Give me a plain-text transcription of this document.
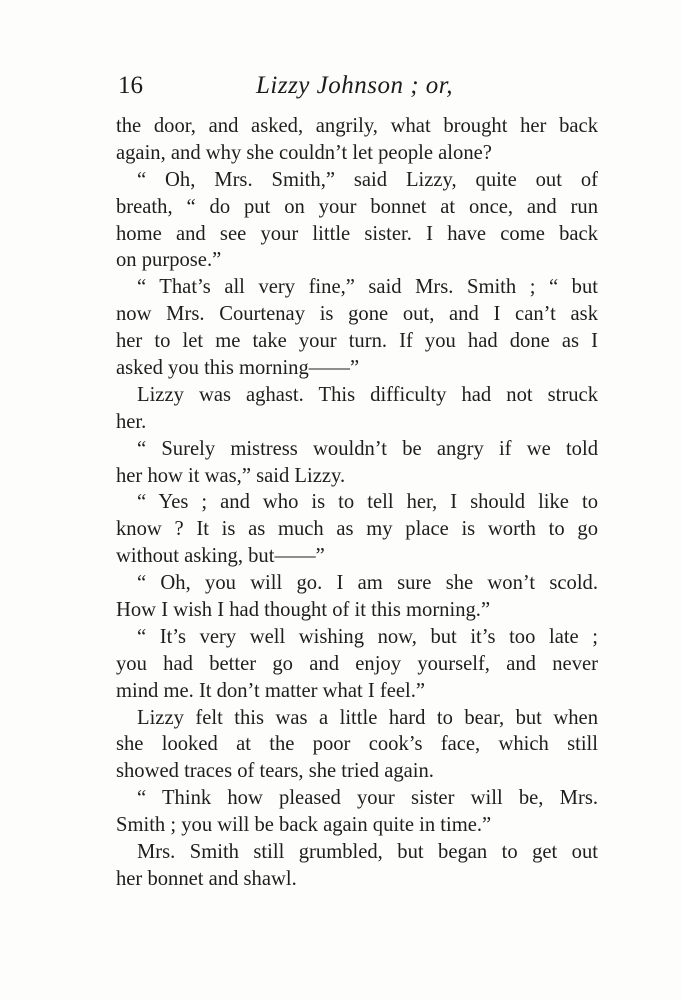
16	Lizzy Johnson ; or,
the door, and asked, angrily, what brought her back
again, and why she couldn’t let people alone?
“ Oh, Mrs. Smith,” said Lizzy, quite out of
breath, “ do put on your bonnet at once, and run
home and see your little sister. I have come back
on purpose.”
“ That’s all very fine,” said Mrs. Smith ; “ but
now Mrs. Courtenay is gone out, and I can’t ask
her to let me take your turn. If you had done as I
asked you this morning——”
Lizzy was aghast. This difficulty had not struck
her.
“ Surely mistress wouldn’t be angry if we told
her how it was,” said Lizzy.
“ Yes ; and who is to tell her, I should like to
know ? It is as much as my place is worth to go
without asking, but——”
“ Oh, you will go. I am sure she won’t scold.
How I wish I had thought of it this morning.”
“ It’s very well wishing now, but it’s too late ;
you had better go and enjoy yourself, and never
mind me. It don’t matter what I feel.”
Lizzy felt this was a little hard to bear, but when
she looked at the poor cook’s face, which still
showed traces of tears, she tried again.
“ Think how pleased your sister will be, Mrs.
Smith ; you will be back again quite in time.”
Mrs. Smith still grumbled, but began to get out
her bonnet and shawl.
